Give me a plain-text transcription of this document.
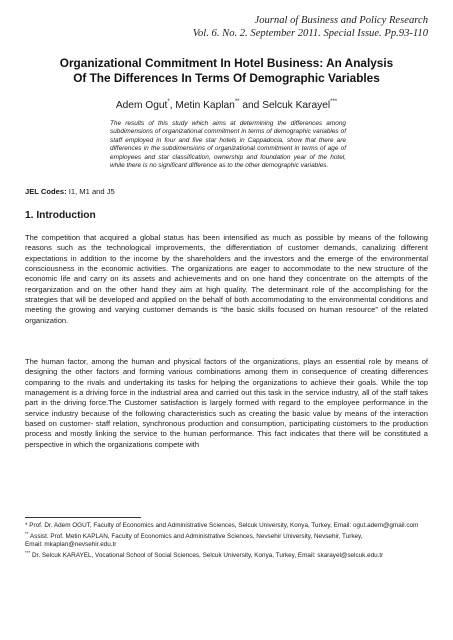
Journal of Business and Policy Research
Vol. 6. No. 2. September 2011. Special Issue. Pp.93-110
Organizational Commitment In Hotel Business: An Analysis
Of The Differences In Terms Of Demographic Variables
Adem Ogut*, Metin Kaplan** and Selcuk Karayel***

The results of this study which aims at determining the differences among subdimensions of organizational commitment in terms of demographic variables of staff employed in four and five star hotels in Cappadocia, show that there are differences in the subdimensions of organizational commitment in terms of age of employees and star classification, ownership and foundation year of the hotel, while there is no significant difference as to the other demographic variables.

JEL Codes: I1, M1 and J5
1. Introduction

The competition that acquired a global status has been intensified as much as possible by means of the following reasons such as the technological improvements, the differentiation of customer demands, canalizing different expectations in addition to the income by the shareholders and the investors and the emerge of the environmental consciousness in the economic activities. The organizations are eager to accommodate to the new structure of the economic life and carry on its assets and achievements and on one hand they concentrate on the attempts of the reorganization and on the other hand they aim at high quality. The determinant role of the accomplishing for the strategies that will be developed and applied on the behalf of both accommodating to the environmental conditions and meeting the growing and varying customer demands is “the basic skills focused on human resource” of the related organization.

The human factor, among the human and physical factors of the organizations, plays an essential role by means of designing the other factors and forming various combinations among them in consequence of creating differences comparing to the rivals and undertaking its tasks for helping the organizations to achieve their goals. While the top management is a driving force in the industrial area and carried out this task in the service industry, all of the staff takes part in the driving force.The Customer satisfaction is largely formed with regard to the employee performance in the service industry because of the following characteristics such as creating the basic value by means of the interaction based on customer- staff relation, synchronous production and consumption, participating customers to the production process and mostly linking the service to the human performance. This fact indicates that there will be constituted a perspective in which the organizations compete with

* Prof. Dr. Adem OGUT, Faculty of Economics and Administrative Sciences, Selcuk University, Konya, Turkey, Email: ogut.adem@gmail.com

** Assist. Prof. Metin KAPLAN, Faculty of Economics and Administrative Sciences, Nevsehir University, Nevsehir, Turkey,

Email: mkaplan@nevsehir.edu.tr

*** Dr. Selcuk KARAYEL, Vocational School of Social Sciences, Selcuk University, Konya, Turkey, Email: skarayel@selcuk.edu.tr
